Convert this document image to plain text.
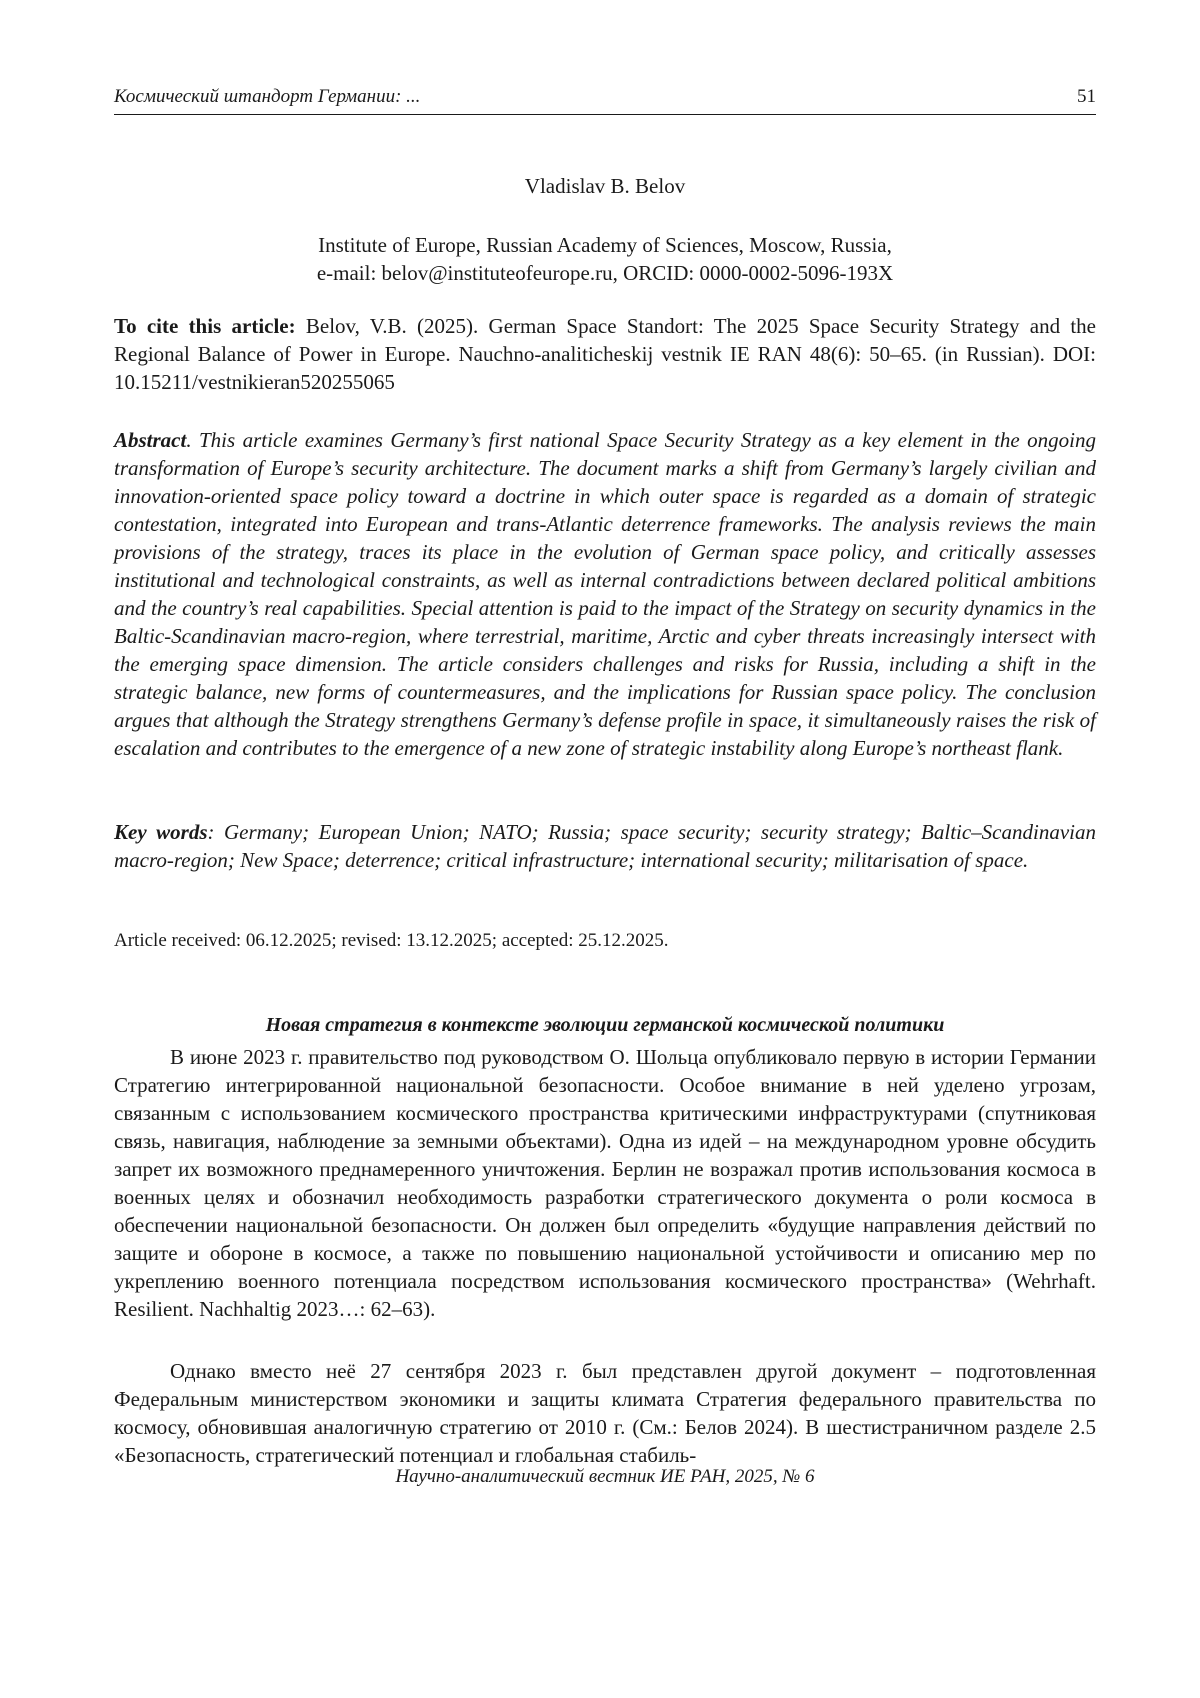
Космический штандорт Германии: ...	51
Vladislav B. Belov
Institute of Europe, Russian Academy of Sciences, Moscow, Russia,
e-mail: belov@instituteofeurope.ru, ORCID: 0000-0002-5096-193X
To cite this article: Belov, V.B. (2025). German Space Standort: The 2025 Space Security Strategy and the Regional Balance of Power in Europe. Nauchno-analiticheskij vestnik IE RAN 48(6): 50–65. (in Russian). DOI: 10.15211/vestnikieran520255065
Abstract. This article examines Germany’s first national Space Security Strategy as a key element in the ongoing transformation of Europe’s security architecture. The document marks a shift from Germany’s largely civilian and innovation-oriented space policy toward a doctrine in which outer space is regarded as a domain of strategic contestation, integrated into European and trans-Atlantic deterrence frameworks. The analysis reviews the main provisions of the strategy, traces its place in the evolution of German space policy, and critically assesses institutional and technological constraints, as well as internal contradictions between declared political ambitions and the country’s real capabilities. Special attention is paid to the impact of the Strategy on security dynamics in the Baltic-Scandinavian macro-region, where terrestrial, maritime, Arctic and cyber threats increasingly intersect with the emerging space dimension. The article considers challenges and risks for Russia, including a shift in the strategic balance, new forms of countermeasures, and the implications for Russian space policy. The conclusion argues that although the Strategy strengthens Germany’s defense profile in space, it simultaneously raises the risk of escalation and contributes to the emergence of a new zone of strategic instability along Europe’s northeast flank.
Key words: Germany; European Union; NATO; Russia; space security; security strategy; Baltic–Scandinavian macro-region; New Space; deterrence; critical infrastructure; international security; militarisation of space.
Article received: 06.12.2025; revised: 13.12.2025; accepted: 25.12.2025.
Новая стратегия в контексте эволюции германской космической политики
В июне 2023 г. правительство под руководством О. Шольца опубликовало первую в истории Германии Стратегию интегрированной национальной безопасности. Особое внимание в ней уделено угрозам, связанным с использованием космического пространства критическими инфраструктурами (спутниковая связь, навигация, наблюдение за земными объектами). Одна из идей – на международном уровне обсудить запрет их возможного преднамеренного уничтожения. Берлин не возражал против использования космоса в военных целях и обозначил необходимость разработки стратегического документа о роли космоса в обеспечении национальной безопасности. Он должен был определить «будущие направления действий по защите и обороне в космосе, а также по повышению национальной устойчивости и описанию мер по укреплению военного потенциала посредством использования космического пространства» (Wehrhaft. Resilient. Nachhaltig 2023…: 62–63).
Однако вместо неё 27 сентября 2023 г. был представлен другой документ – подготовленная Федеральным министерством экономики и защиты климата Стратегия федерального правительства по космосу, обновившая аналогичную стратегию от 2010 г. (См.: Белов 2024). В шестистраничном разделе 2.5 «Безопасность, стратегический потенциал и глобальная стабиль-
Научно-аналитический вестник ИЕ РАН, 2025, № 6
